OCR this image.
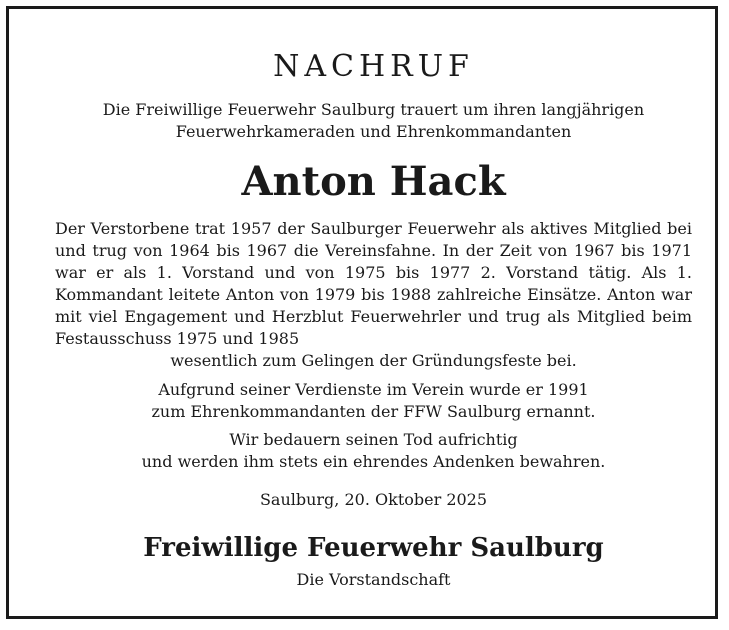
NACHRUF
Die Freiwillige Feuerwehr Saulburg trauert um ihren langjährigen
Feuerwehrkameraden und Ehrenkommandanten
Anton Hack
Der Verstorbene trat 1957 der Saulburger Feuerwehr als aktives Mitglied bei und trug von 1964 bis 1967 die Vereinsfahne. In der Zeit von 1967 bis 1971 war er als 1. Vorstand und von 1975 bis 1977 2. Vorstand tätig. Als 1. Kommandant leitete Anton von 1979 bis 1988 zahlreiche Einsätze. Anton war mit viel Engagement und Herzblut Feuerwehrler und trug als Mitglied beim Festausschuss 1975 und 1985
wesentlich zum Gelingen der Gründungsfeste bei.
Aufgrund seiner Verdienste im Verein wurde er 1991
zum Ehrenkommandanten der FFW Saulburg ernannt.
Wir bedauern seinen Tod aufrichtig
und werden ihm stets ein ehrendes Andenken bewahren.
Saulburg, 20. Oktober 2025
Freiwillige Feuerwehr Saulburg
Die Vorstandschaft
